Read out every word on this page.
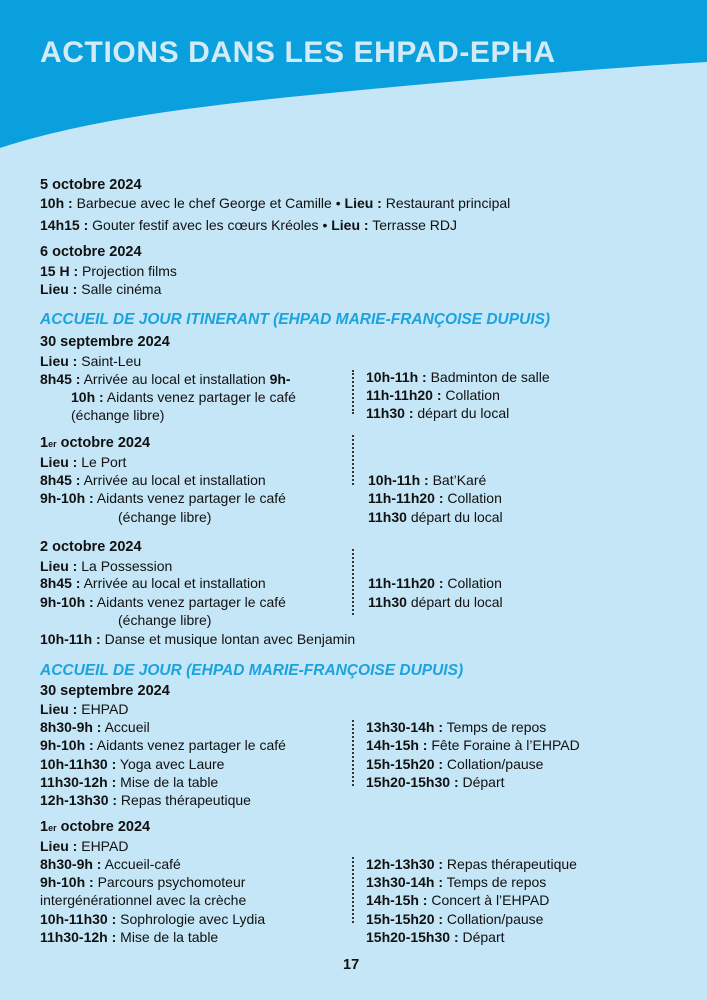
ACTIONS DANS LES EHPAD-EPHA
5 octobre 2024
10h : Barbecue avec le chef George et Camille • Lieu : Restaurant principal
14h15 : Gouter festif avec les cœurs Kréoles • Lieu : Terrasse RDJ
6 octobre 2024
15 H : Projection films
Lieu : Salle cinéma
ACCUEIL DE JOUR ITINERANT (EHPAD MARIE-FRANÇOISE DUPUIS)
30 septembre 2024
Lieu : Saint-Leu
8h45 : Arrivée au local et installation 9h-
10h : Aidants venez partager le café
(échange libre)
10h-11h : Badminton de salle
11h-11h20 : Collation
11h30 : départ du local
1er octobre 2024
Lieu : Le Port
8h45 : Arrivée au local et installation
9h-10h : Aidants venez partager le café
(échange libre)
10h-11h : Bat’Karé
11h-11h20 : Collation
11h30 départ du local
2 octobre 2024
Lieu : La Possession
8h45 : Arrivée au local et installation
9h-10h : Aidants venez partager le café
(échange libre)
10h-11h : Danse et musique lontan avec Benjamin
11h-11h20 : Collation
11h30 départ du local
ACCUEIL DE JOUR (EHPAD MARIE-FRANÇOISE DUPUIS)
30 septembre 2024
Lieu : EHPAD
8h30-9h : Accueil
9h-10h : Aidants venez partager le café
10h-11h30 : Yoga avec Laure
11h30-12h : Mise de la table
12h-13h30 : Repas thérapeutique
13h30-14h : Temps de repos
14h-15h : Fête Foraine à l’EHPAD
15h-15h20 : Collation/pause
15h20-15h30 : Départ
1er octobre 2024
Lieu : EHPAD
8h30-9h : Accueil-café
9h-10h : Parcours psychomoteur
intergénérationnel avec la crèche
10h-11h30 : Sophrologie avec Lydia
11h30-12h : Mise de la table
12h-13h30 : Repas thérapeutique
13h30-14h : Temps de repos
14h-15h : Concert à l’EHPAD
15h-15h20 : Collation/pause
15h20-15h30 : Départ
17
